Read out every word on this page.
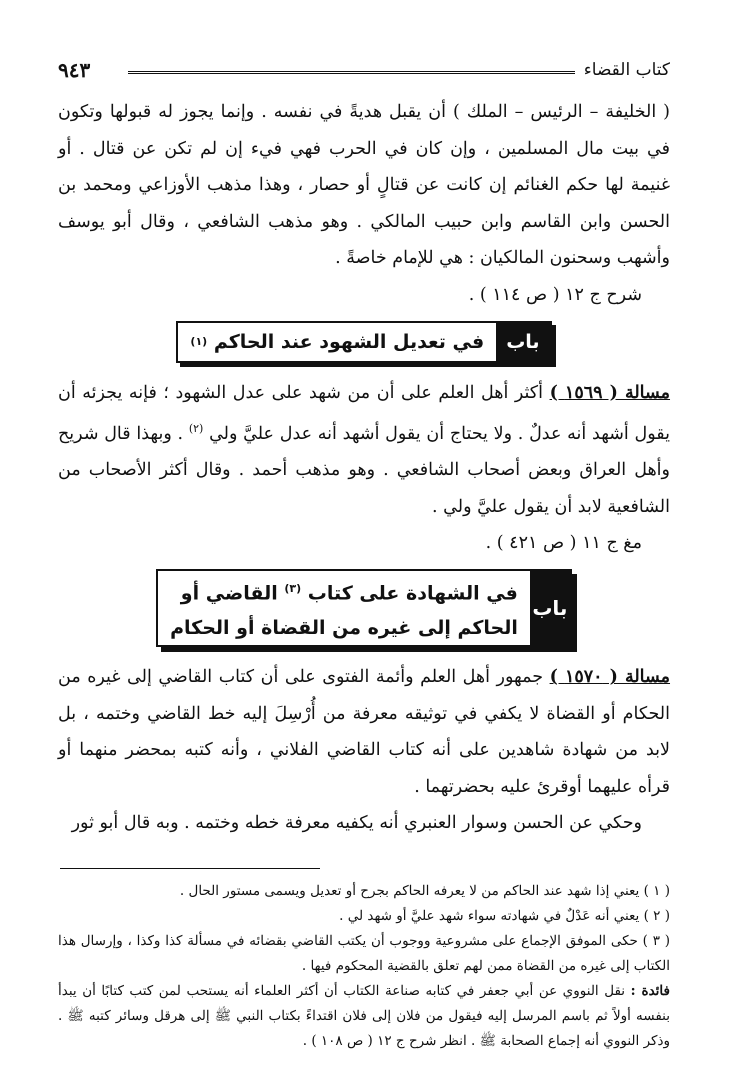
كتاب القضاء
٩٤٣

( الخليفة – الرئيس – الملك ) أن يقبل هديةً في نفسه . وإنما يجوز له قبولها وتكون في بيت مال المسلمين ، وإن كان في الحرب فهي فيء إن لم تكن عن قتال . أو غنيمة لها حكم الغنائم إن كانت عن قتالٍ أو حصار ، وهذا مذهب الأوزاعي ومحمد بن الحسن وابن القاسم وابن حبيب المالكي . وهو مذهب الشافعي ، وقال أبو يوسف وأشهب وسحنون المالكيان : هي للإمام خاصةً .

شرح ج ١٢ ( ص ١١٤ ) .

باب
في تعديل الشهود عند الحاكم

(١)

مسالة ( ١٥٦٩ ) أكثر أهل العلم على أن من شهد على عدل الشهود ؛ فإنه يجزئه أن يقول أشهد أنه عدلٌ . ولا يحتاج أن يقول أشهد أنه عدل عليَّ ولي $^{(٢)}$ . وبهذا قال شريح وأهل العراق وبعض أصحاب الشافعي . وهو مذهب أحمد . وقال أكثر الأصحاب من الشافعية لابد أن يقول عليَّ ولي .

مغ ج ١١ ( ص ٤٢١ ) .

باب
في الشهادة على كتاب $^{(٣)}$ القاضي أو
الحاكم إلى غيره من القضاة أو الحكام

مسالة ( ١٥٧٠ ) جمهور أهل العلم وأئمة الفتوى على أن كتاب القاضي إلى غيره من الحكام أو القضاة لا يكفي في توثيقه معرفة من أُرْسِلَ إليه خط القاضي وختمه ، بل لابد من شهادة شاهدين على أنه كتاب القاضي الفلاني ، وأنه كتبه بمحضر منهما أو قرأه عليهما أوقرئ عليه بحضرتهما .

وحكي عن الحسن وسوار العنبري أنه يكفيه معرفة خطه وختمه . وبه قال أبو ثور

( ١ ) يعني إذا شهد عند الحاكم من لا يعرفه الحاكم بجرح أو تعديل ويسمى مستور الحال .

( ٢ ) يعني أنه عَدْلٌ في شهادته سواء شهد عليَّ أو شهد لي .

( ٣ ) حكى الموفق الإجماع على مشروعية ووجوب أن يكتب القاضي بقضائه في مسألة كذا وكذا ، وإرسال هذا الكتاب إلى غيره من القضاة ممن لهم تعلق بالقضية المحكوم فيها .

فائدة : نقل النووي عن أبي جعفر في كتابه صناعة الكتاب أن أكثر العلماء أنه يستحب لمن كتب كتابًا أن يبدأ بنفسه أولاً ثم باسم المرسل إليه فيقول من فلان إلى فلان اقتداءً بكتاب النبي ﷺ إلى هرقل وسائر كتبه ﷺ . وذكر النووي أنه إجماع الصحابة ﷺ . انظر شرح ج ١٢ ( ص ١٠٨ ) .
